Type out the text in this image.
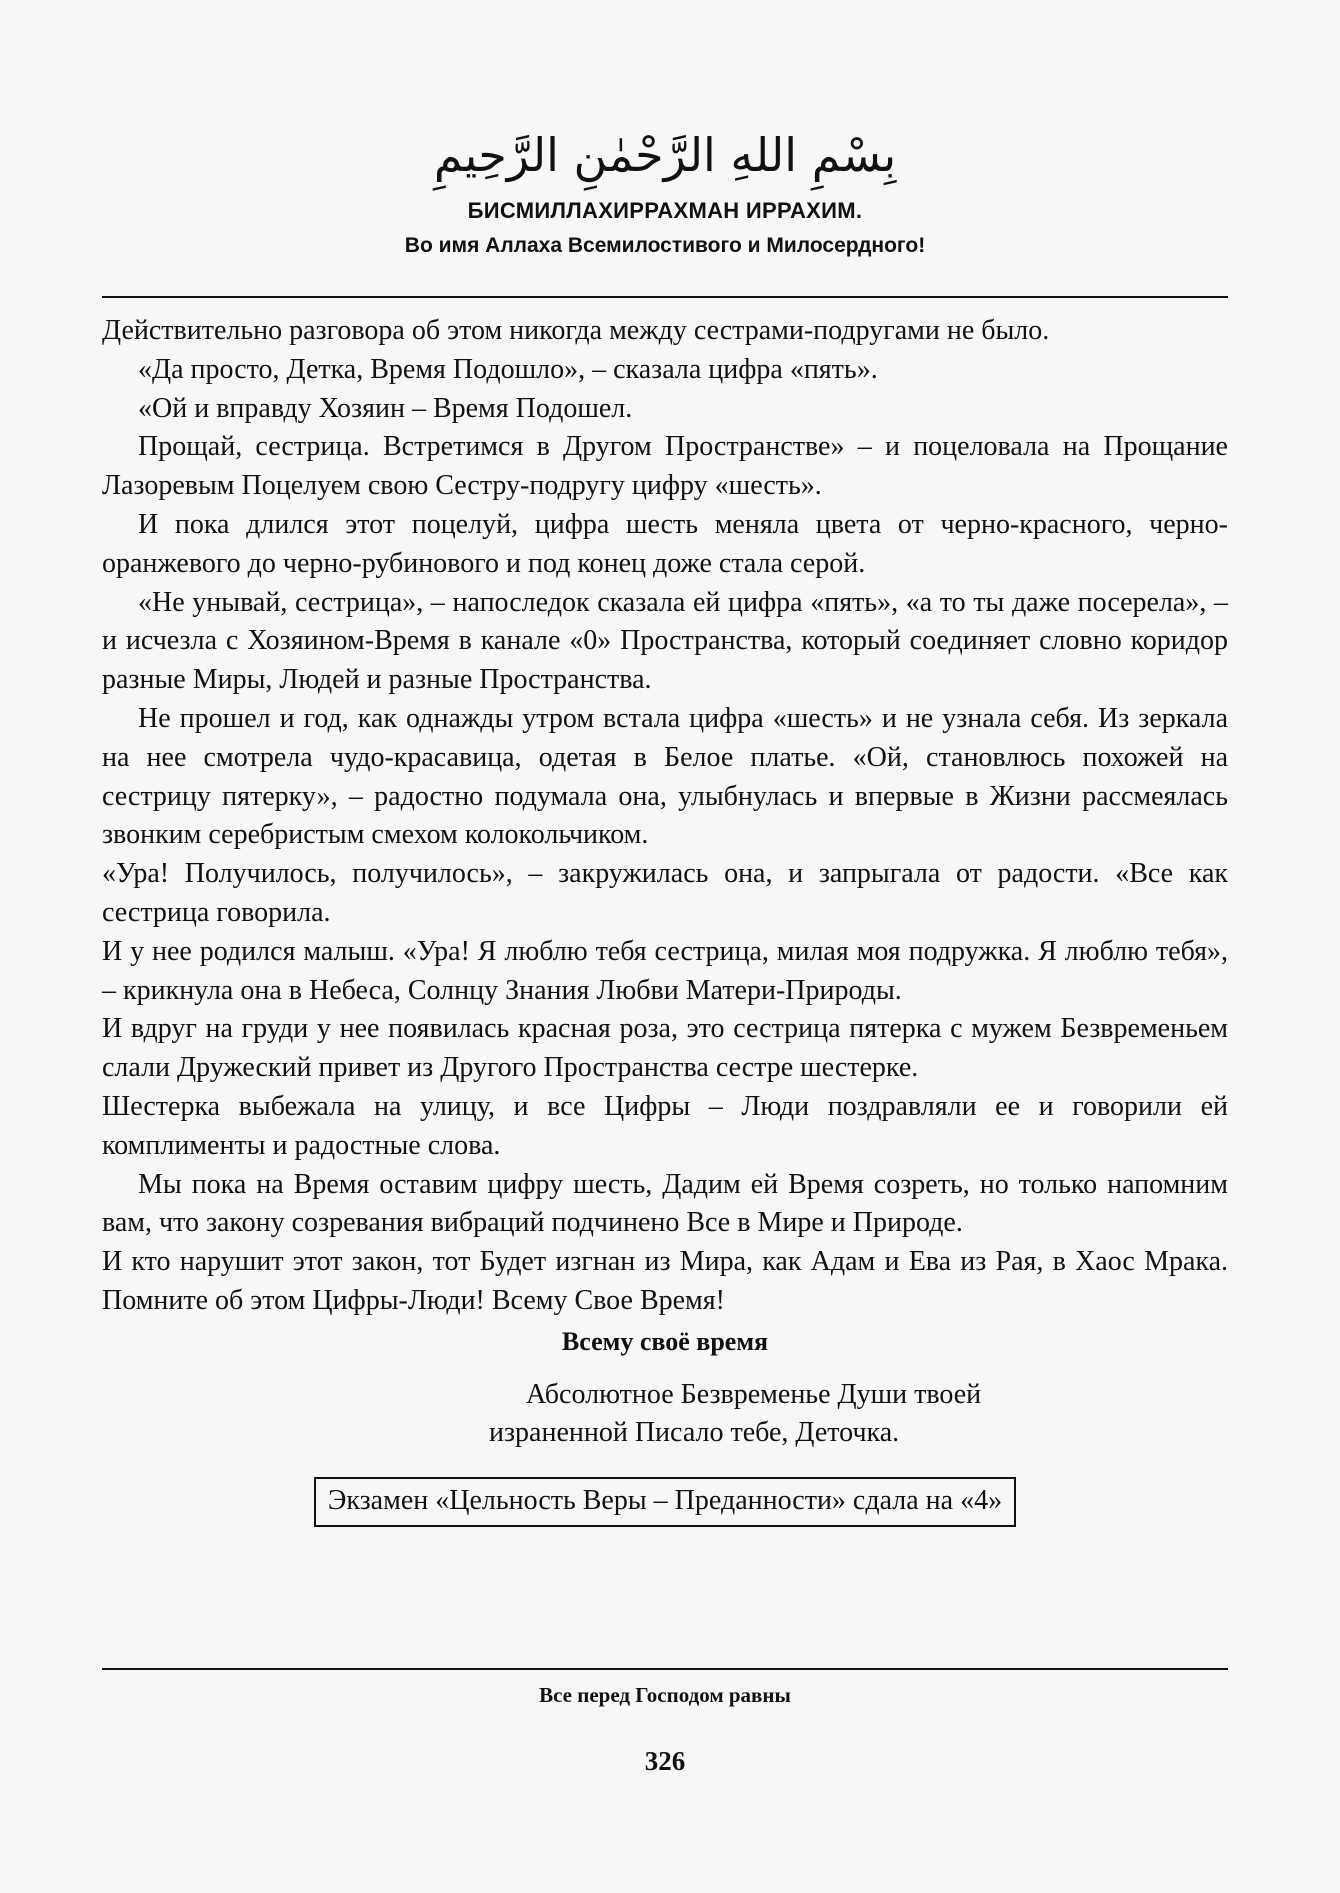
بِسْمِ اللهِ الرَّحْمٰنِ الرَّحِيمِ
БИСМИЛЛАХИРРАХМАН ИРРАХИМ.
Во имя Аллаха Всемилостивого и Милосердного!

Действительно разговора об этом никогда между сестрами-подругами не было.

«Да просто, Детка, Время Подошло», – сказала цифра «пять».

«Ой и вправду Хозяин – Время Подошел.

Прощай, сестрица. Встретимся в Другом Пространстве» – и поцеловала на Прощание Лазоревым Поцелуем свою Сестру-подругу цифру «шесть».

И пока длился этот поцелуй, цифра шесть меняла цвета от черно-красного, черно-оранжевого до черно-рубинового и под конец доже стала серой.

«Не унывай, сестрица», – напоследок сказала ей цифра «пять», «а то ты даже посерела», – и исчезла с Хозяином-Время в канале «0» Пространства, который соединяет словно коридор разные Миры, Людей и разные Пространства.

Не прошел и год, как однажды утром встала цифра «шесть» и не узнала себя. Из зеркала на нее смотрела чудо-красавица, одетая в Белое платье. «Ой, становлюсь похожей на сестрицу пятерку», – радостно подумала она, улыбнулась и впервые в Жизни рассмеялась звонким серебристым смехом колокольчиком.

«Ура! Получилось, получилось», – закружилась она, и запрыгала от радости. «Все как сестрица говорила.

И у нее родился малыш. «Ура! Я люблю тебя сестрица, милая моя подружка. Я люблю тебя», – крикнула она в Небеса, Солнцу Знания Любви Матери-Природы.

И вдруг на груди у нее появилась красная роза, это сестрица пятерка с мужем Безвременьем слали Дружеский привет из Другого Пространства сестре шестерке.

Шестерка выбежала на улицу, и все Цифры – Люди поздравляли ее и говорили ей комплименты и радостные слова.

Мы пока на Время оставим цифру шесть, Дадим ей Время созреть, но только напомним вам, что закону созревания вибраций подчинено Все в Мире и Природе.

И кто нарушит этот закон, тот Будет изгнан из Мира, как Адам и Ева из Рая, в Хаос Мрака. Помните об этом Цифры-Люди! Всему Свое Время!

Всему своё время

Абсолютное Безвременье Души твоей

израненной Писало тебе, Деточка.

Экзамен «Цельность Веры – Преданности» сдала на «4»
Все перед Господом равны
326
